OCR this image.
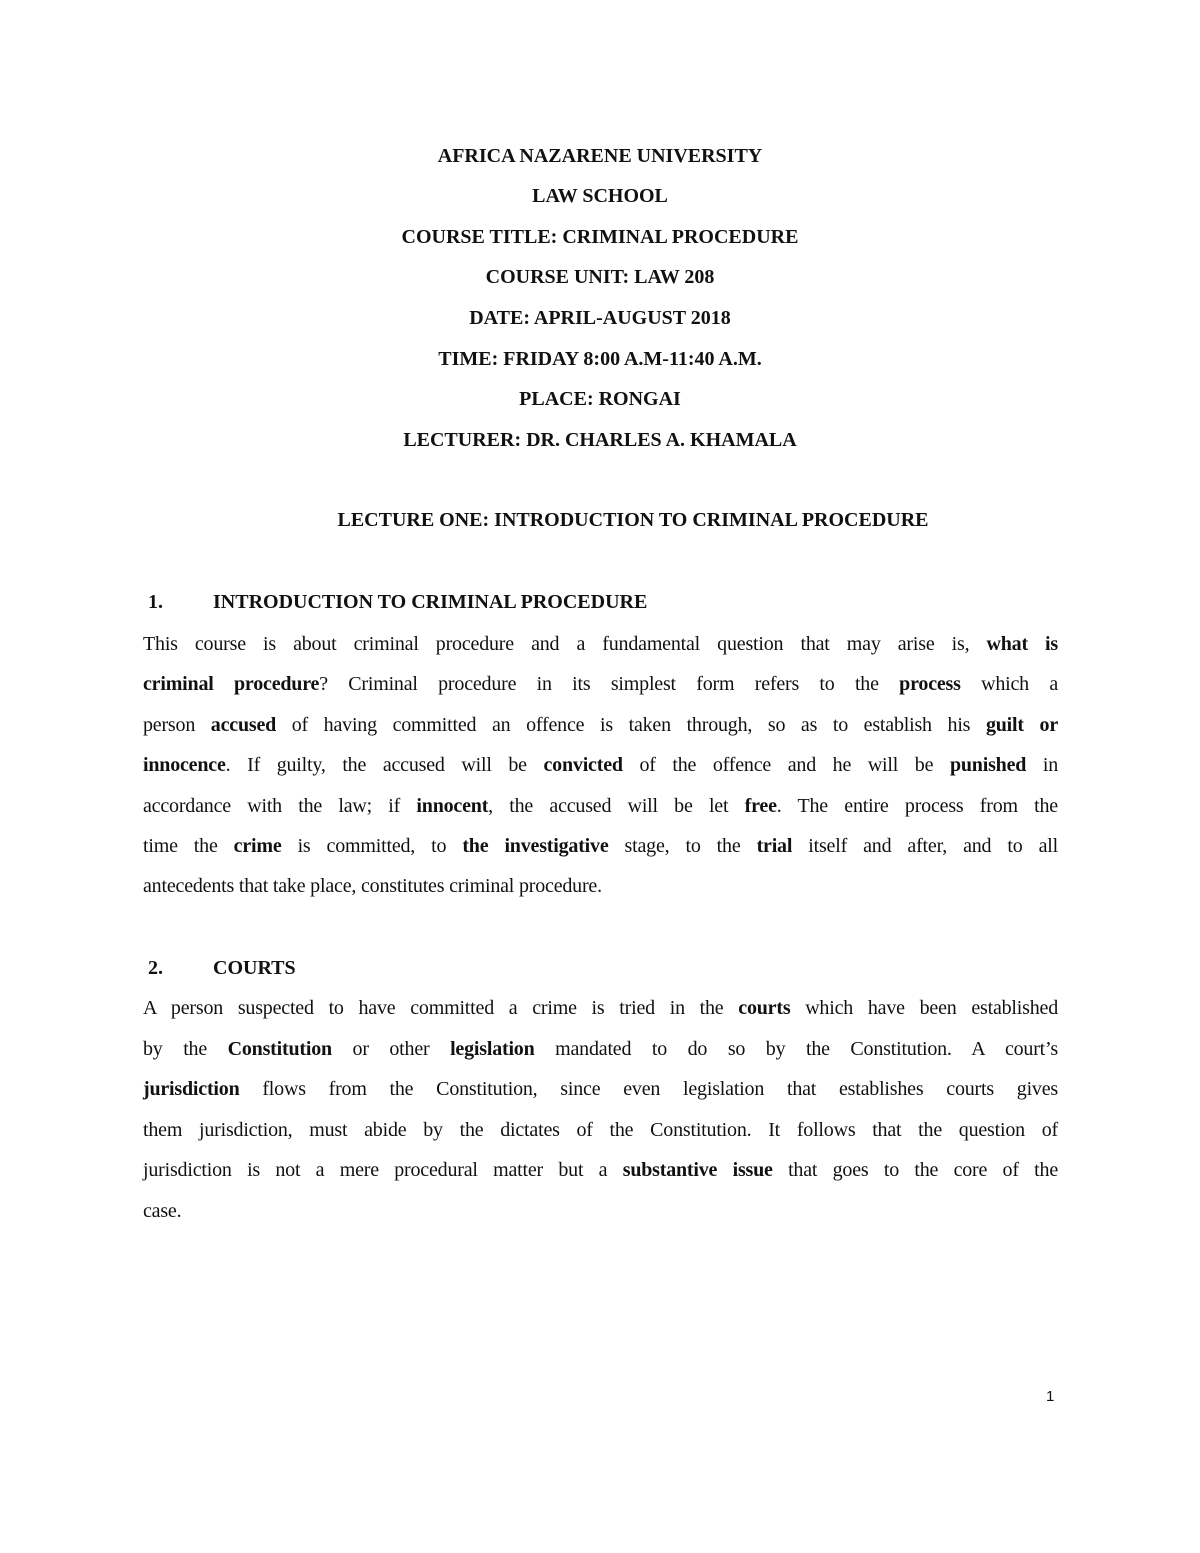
AFRICA NAZARENE UNIVERSITY
LAW SCHOOL
COURSE TITLE: CRIMINAL PROCEDURE
COURSE UNIT: LAW 208
DATE: APRIL-AUGUST 2018
TIME: FRIDAY 8:00 A.M-11:40 A.M.
PLACE: RONGAI
LECTURER: DR. CHARLES A. KHAMALA
LECTURE ONE: INTRODUCTION TO CRIMINAL PROCEDURE
1.	INTRODUCTION TO CRIMINAL PROCEDURE
This course is about criminal procedure and a fundamental question that may arise is, what is
criminal procedure? Criminal procedure in its simplest form refers to the process which a
person accused of having committed an offence is taken through, so as to establish his guilt or
innocence. If guilty, the accused will be convicted of the offence and he will be punished in
accordance with the law; if innocent, the accused will be let free. The entire process from the
time the crime is committed, to the investigative stage, to the trial itself and after, and to all
antecedents that take place, constitutes criminal procedure.
2.	COURTS
A person suspected to have committed a crime is tried in the courts which have been established
by the Constitution or other legislation mandated to do so by the Constitution. A court’s
jurisdiction flows from the Constitution, since even legislation that establishes courts gives
them jurisdiction, must abide by the dictates of the Constitution. It follows that the question of
jurisdiction is not a mere procedural matter but a substantive issue that goes to the core of the
case.
1
